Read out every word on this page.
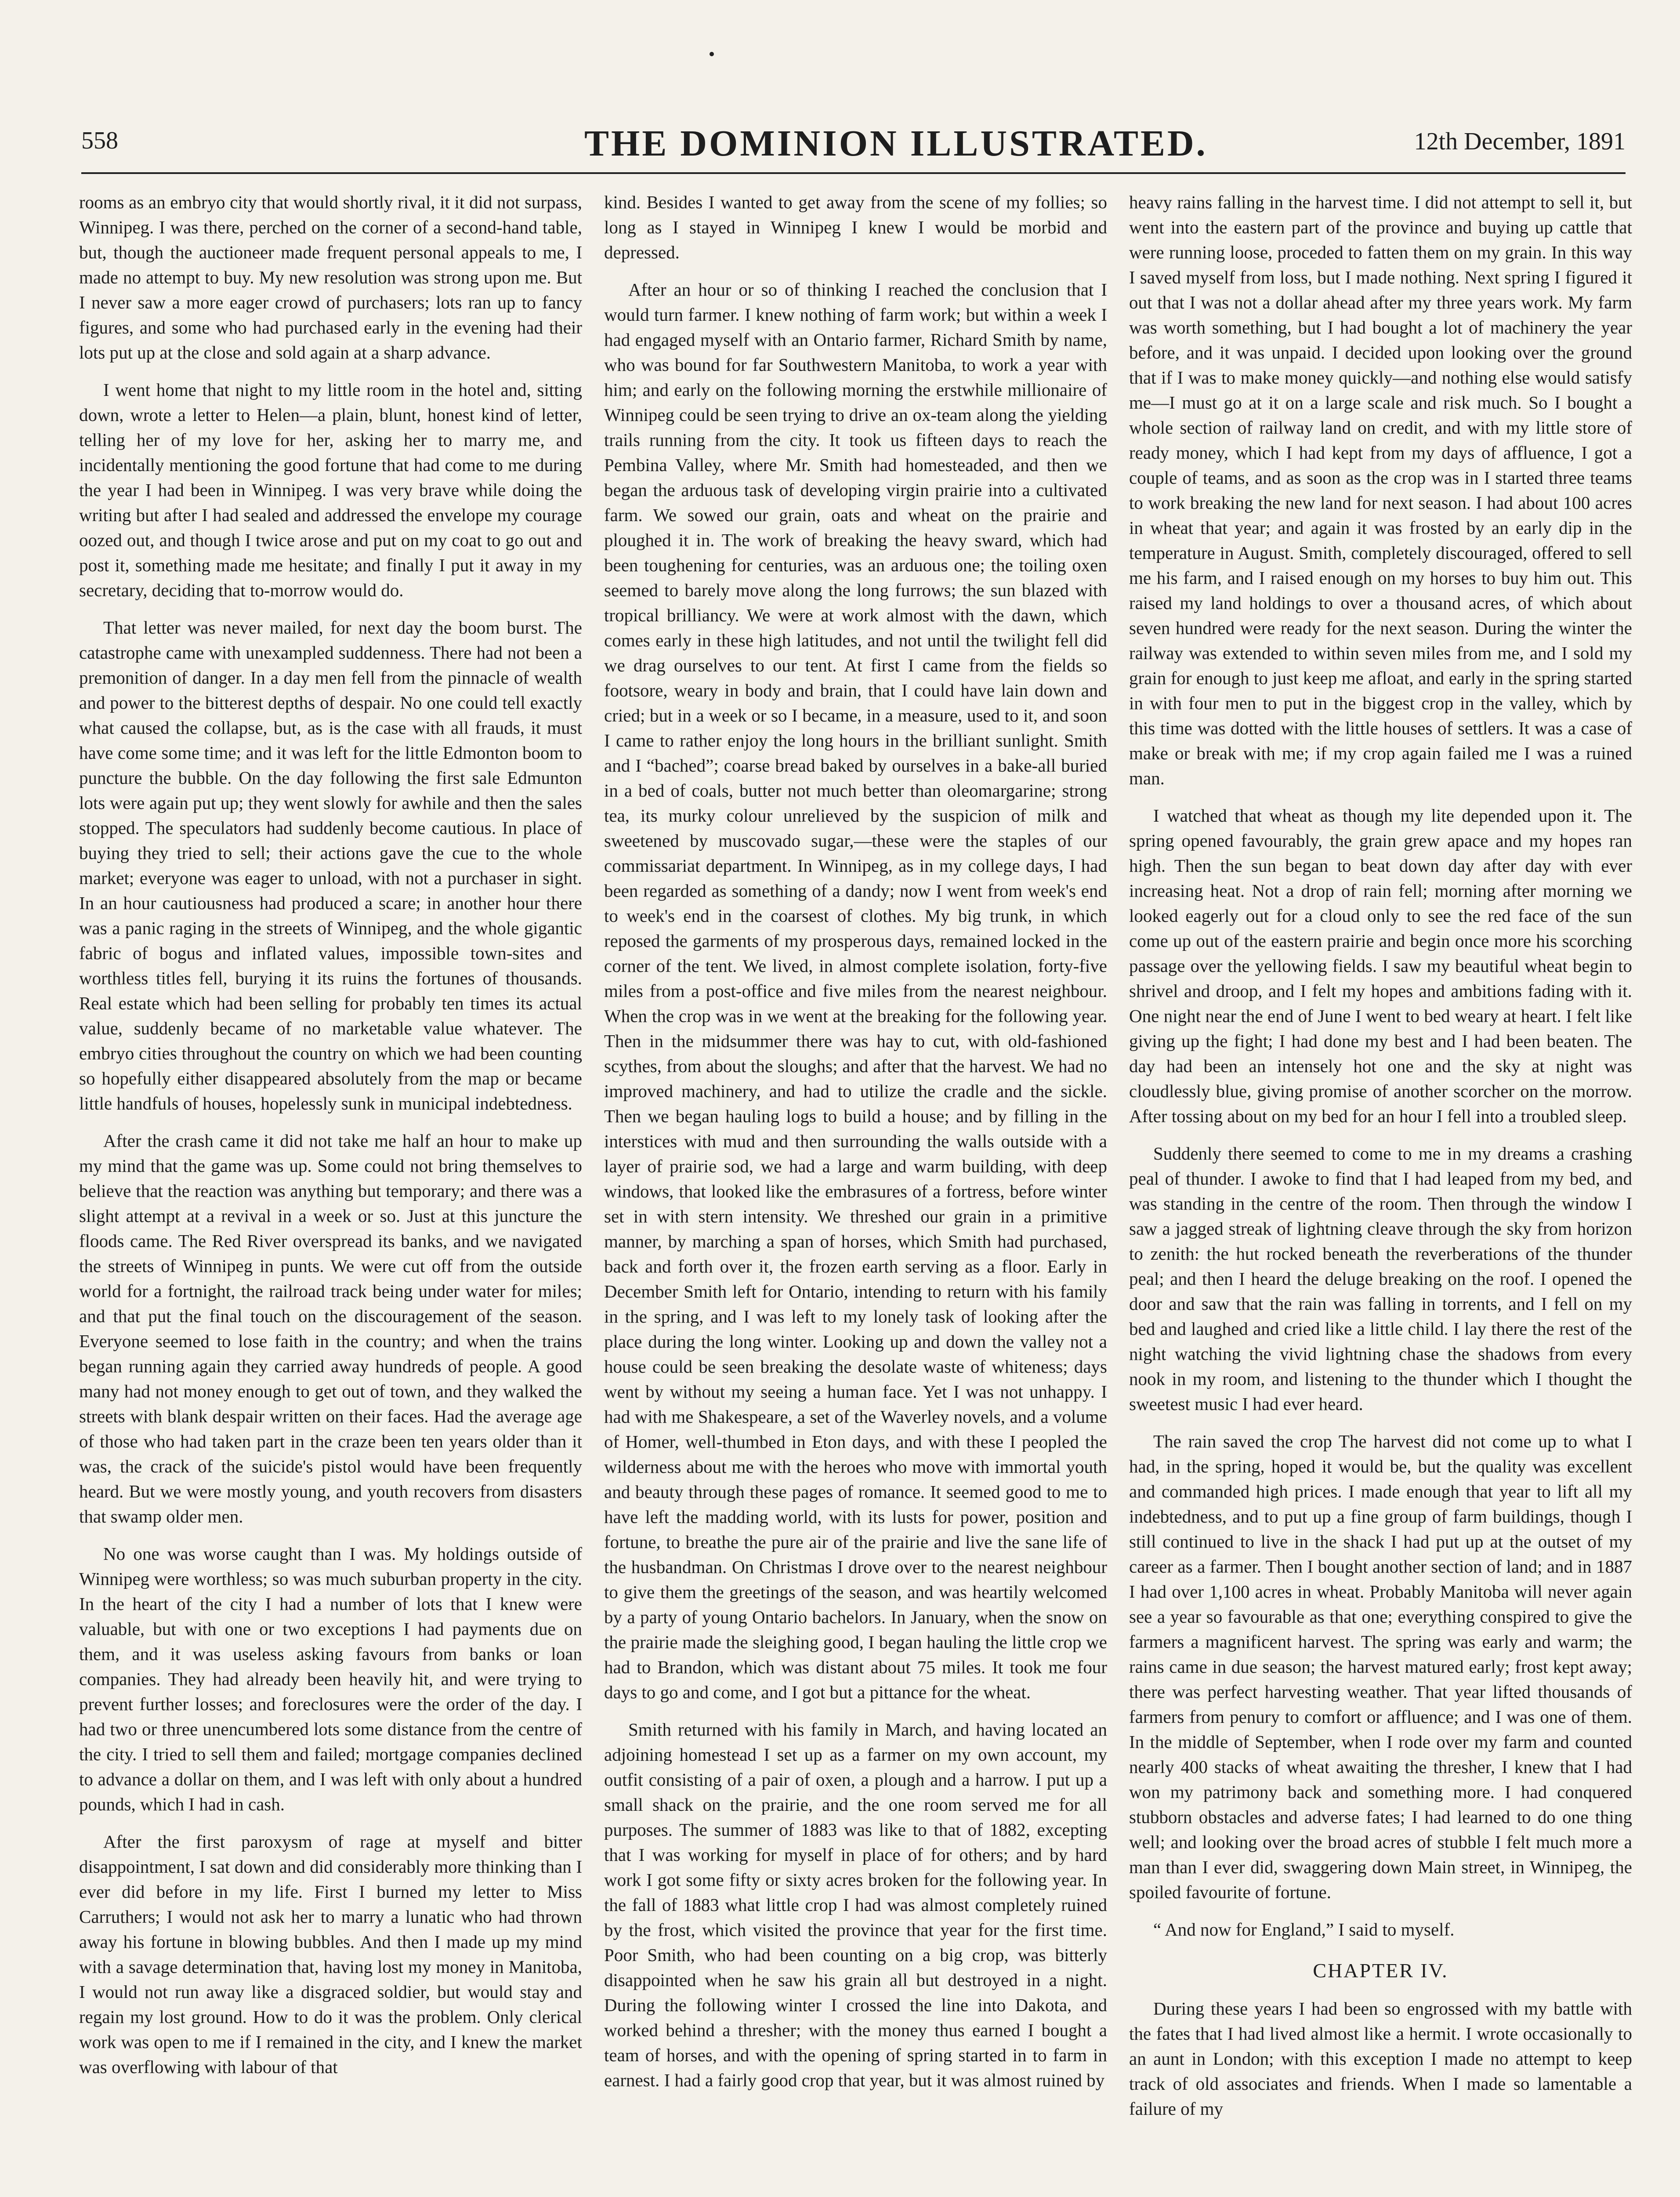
558	THE DOMINION ILLUSTRATED.	12th December, 1891

rooms as an embryo city that would shortly rival, it it did not surpass, Winnipeg. I was there, perched on the corner of a second-hand table, but, though the auctioneer made frequent personal appeals to me, I made no attempt to buy. My new resolution was strong upon me. But I never saw a more eager crowd of purchasers; lots ran up to fancy figures, and some who had purchased early in the evening had their lots put up at the close and sold again at a sharp advance.

I went home that night to my little room in the hotel and, sitting down, wrote a letter to Helen—a plain, blunt, honest kind of letter, telling her of my love for her, asking her to marry me, and incidentally mentioning the good fortune that had come to me during the year I had been in Winnipeg. I was very brave while doing the writing but after I had sealed and addressed the envelope my courage oozed out, and though I twice arose and put on my coat to go out and post it, something made me hesitate; and finally I put it away in my secretary, deciding that to-morrow would do.

That letter was never mailed, for next day the boom burst. The catastrophe came with unexampled suddenness. There had not been a premonition of danger. In a day men fell from the pinnacle of wealth and power to the bitterest depths of despair. No one could tell exactly what caused the collapse, but, as is the case with all frauds, it must have come some time; and it was left for the little Edmonton boom to puncture the bubble. On the day following the first sale Edmunton lots were again put up; they went slowly for awhile and then the sales stopped. The speculators had suddenly become cautious. In place of buying they tried to sell; their actions gave the cue to the whole market; everyone was eager to unload, with not a purchaser in sight. In an hour cautiousness had produced a scare; in another hour there was a panic raging in the streets of Winnipeg, and the whole gigantic fabric of bogus and inflated values, impossible town-sites and worthless titles fell, burying it its ruins the fortunes of thousands. Real estate which had been selling for probably ten times its actual value, suddenly became of no marketable value whatever. The embryo cities throughout the country on which we had been counting so hopefully either disappeared absolutely from the map or became little handfuls of houses, hopelessly sunk in municipal indebtedness.

After the crash came it did not take me half an hour to make up my mind that the game was up. Some could not bring themselves to believe that the reaction was anything but temporary; and there was a slight attempt at a revival in a week or so. Just at this juncture the floods came. The Red River overspread its banks, and we navigated the streets of Winnipeg in punts. We were cut off from the outside world for a fortnight, the railroad track being under water for miles; and that put the final touch on the discouragement of the season. Everyone seemed to lose faith in the country; and when the trains began running again they carried away hundreds of people. A good many had not money enough to get out of town, and they walked the streets with blank despair written on their faces. Had the average age of those who had taken part in the craze been ten years older than it was, the crack of the suicide's pistol would have been frequently heard. But we were mostly young, and youth recovers from disasters that swamp older men.

No one was worse caught than I was. My holdings outside of Winnipeg were worthless; so was much suburban property in the city. In the heart of the city I had a number of lots that I knew were valuable, but with one or two exceptions I had payments due on them, and it was useless asking favours from banks or loan companies. They had already been heavily hit, and were trying to prevent further losses; and foreclosures were the order of the day. I had two or three unencumbered lots some distance from the centre of the city. I tried to sell them and failed; mortgage companies declined to advance a dollar on them, and I was left with only about a hundred pounds, which I had in cash.

After the first paroxysm of rage at myself and bitter disappointment, I sat down and did considerably more thinking than I ever did before in my life. First I burned my letter to Miss Carruthers; I would not ask her to marry a lunatic who had thrown away his fortune in blowing bubbles. And then I made up my mind with a savage determination that, having lost my money in Manitoba, I would not run away like a disgraced soldier, but would stay and regain my lost ground. How to do it was the problem. Only clerical work was open to me if I remained in the city, and I knew the market was overflowing with labour of that

kind. Besides I wanted to get away from the scene of my follies; so long as I stayed in Winnipeg I knew I would be morbid and depressed.

After an hour or so of thinking I reached the conclusion that I would turn farmer. I knew nothing of farm work; but within a week I had engaged myself with an Ontario farmer, Richard Smith by name, who was bound for far Southwestern Manitoba, to work a year with him; and early on the following morning the erstwhile millionaire of Winnipeg could be seen trying to drive an ox-team along the yielding trails running from the city. It took us fifteen days to reach the Pembina Valley, where Mr. Smith had homesteaded, and then we began the arduous task of developing virgin prairie into a cultivated farm. We sowed our grain, oats and wheat on the prairie and ploughed it in. The work of breaking the heavy sward, which had been toughening for centuries, was an arduous one; the toiling oxen seemed to barely move along the long furrows; the sun blazed with tropical brilliancy. We were at work almost with the dawn, which comes early in these high latitudes, and not until the twilight fell did we drag ourselves to our tent. At first I came from the fields so footsore, weary in body and brain, that I could have lain down and cried; but in a week or so I became, in a measure, used to it, and soon I came to rather enjoy the long hours in the brilliant sunlight. Smith and I “bached”; coarse bread baked by ourselves in a bake-all buried in a bed of coals, butter not much better than oleomargarine; strong tea, its murky colour unrelieved by the suspicion of milk and sweetened by muscovado sugar,—these were the staples of our commissariat department. In Winnipeg, as in my college days, I had been regarded as something of a dandy; now I went from week's end to week's end in the coarsest of clothes. My big trunk, in which reposed the garments of my prosperous days, remained locked in the corner of the tent. We lived, in almost complete isolation, forty-five miles from a post-office and five miles from the nearest neighbour. When the crop was in we went at the breaking for the following year. Then in the midsummer there was hay to cut, with old-fashioned scythes, from about the sloughs; and after that the harvest. We had no improved machinery, and had to utilize the cradle and the sickle. Then we began hauling logs to build a house; and by filling in the interstices with mud and then surrounding the walls outside with a layer of prairie sod, we had a large and warm building, with deep windows, that looked like the embrasures of a fortress, before winter set in with stern intensity. We threshed our grain in a primitive manner, by marching a span of horses, which Smith had purchased, back and forth over it, the frozen earth serving as a floor. Early in December Smith left for Ontario, intending to return with his family in the spring, and I was left to my lonely task of looking after the place during the long winter. Looking up and down the valley not a house could be seen breaking the desolate waste of whiteness; days went by without my seeing a human face. Yet I was not unhappy. I had with me Shakespeare, a set of the Waverley novels, and a volume of Homer, well-thumbed in Eton days, and with these I peopled the wilderness about me with the heroes who move with immortal youth and beauty through these pages of romance. It seemed good to me to have left the madding world, with its lusts for power, position and fortune, to breathe the pure air of the prairie and live the sane life of the husbandman. On Christmas I drove over to the nearest neighbour to give them the greetings of the season, and was heartily welcomed by a party of young Ontario bachelors. In January, when the snow on the prairie made the sleighing good, I began hauling the little crop we had to Brandon, which was distant about 75 miles. It took me four days to go and come, and I got but a pittance for the wheat.

Smith returned with his family in March, and having located an adjoining homestead I set up as a farmer on my own account, my outfit consisting of a pair of oxen, a plough and a harrow. I put up a small shack on the prairie, and the one room served me for all purposes. The summer of 1883 was like to that of 1882, excepting that I was working for myself in place of for others; and by hard work I got some fifty or sixty acres broken for the following year. In the fall of 1883 what little crop I had was almost completely ruined by the frost, which visited the province that year for the first time. Poor Smith, who had been counting on a big crop, was bitterly disappointed when he saw his grain all but destroyed in a night. During the following winter I crossed the line into Dakota, and worked behind a thresher; with the money thus earned I bought a team of horses, and with the opening of spring started in to farm in earnest. I had a fairly good crop that year, but it was almost ruined by

heavy rains falling in the harvest time. I did not attempt to sell it, but went into the eastern part of the province and buying up cattle that were running loose, proceded to fatten them on my grain. In this way I saved myself from loss, but I made nothing. Next spring I figured it out that I was not a dollar ahead after my three years work. My farm was worth something, but I had bought a lot of machinery the year before, and it was unpaid. I decided upon looking over the ground that if I was to make money quickly—and nothing else would satisfy me—I must go at it on a large scale and risk much. So I bought a whole section of railway land on credit, and with my little store of ready money, which I had kept from my days of affluence, I got a couple of teams, and as soon as the crop was in I started three teams to work breaking the new land for next season. I had about 100 acres in wheat that year; and again it was frosted by an early dip in the temperature in August. Smith, completely discouraged, offered to sell me his farm, and I raised enough on my horses to buy him out. This raised my land holdings to over a thousand acres, of which about seven hundred were ready for the next season. During the winter the railway was extended to within seven miles from me, and I sold my grain for enough to just keep me afloat, and early in the spring started in with four men to put in the biggest crop in the valley, which by this time was dotted with the little houses of settlers. It was a case of make or break with me; if my crop again failed me I was a ruined man.

I watched that wheat as though my lite depended upon it. The spring opened favourably, the grain grew apace and my hopes ran high. Then the sun began to beat down day after day with ever increasing heat. Not a drop of rain fell; morning after morning we looked eagerly out for a cloud only to see the red face of the sun come up out of the eastern prairie and begin once more his scorching passage over the yellowing fields. I saw my beautiful wheat begin to shrivel and droop, and I felt my hopes and ambitions fading with it. One night near the end of June I went to bed weary at heart. I felt like giving up the fight; I had done my best and I had been beaten. The day had been an intensely hot one and the sky at night was cloudlessly blue, giving promise of another scorcher on the morrow. After tossing about on my bed for an hour I fell into a troubled sleep.

Suddenly there seemed to come to me in my dreams a crashing peal of thunder. I awoke to find that I had leaped from my bed, and was standing in the centre of the room. Then through the window I saw a jagged streak of lightning cleave through the sky from horizon to zenith: the hut rocked beneath the reverberations of the thunder peal; and then I heard the deluge breaking on the roof. I opened the door and saw that the rain was falling in torrents, and I fell on my bed and laughed and cried like a little child. I lay there the rest of the night watching the vivid lightning chase the shadows from every nook in my room, and listening to the thunder which I thought the sweetest music I had ever heard.

The rain saved the crop The harvest did not come up to what I had, in the spring, hoped it would be, but the quality was excellent and commanded high prices. I made enough that year to lift all my indebtedness, and to put up a fine group of farm buildings, though I still continued to live in the shack I had put up at the outset of my career as a farmer. Then I bought another section of land; and in 1887 I had over 1,100 acres in wheat. Probably Manitoba will never again see a year so favourable as that one; everything conspired to give the farmers a magnificent harvest. The spring was early and warm; the rains came in due season; the harvest matured early; frost kept away; there was perfect harvesting weather. That year lifted thousands of farmers from penury to comfort or affluence; and I was one of them. In the middle of September, when I rode over my farm and counted nearly 400 stacks of wheat awaiting the thresher, I knew that I had won my patrimony back and something more. I had conquered stubborn obstacles and adverse fates; I had learned to do one thing well; and looking over the broad acres of stubble I felt much more a man than I ever did, swaggering down Main street, in Winnipeg, the spoiled favourite of fortune.

“ And now for England,” I said to myself.

CHAPTER IV.

During these years I had been so engrossed with my battle with the fates that I had lived almost like a hermit. I wrote occasionally to an aunt in London; with this exception I made no attempt to keep track of old associates and friends. When I made so lamentable a failure of my
